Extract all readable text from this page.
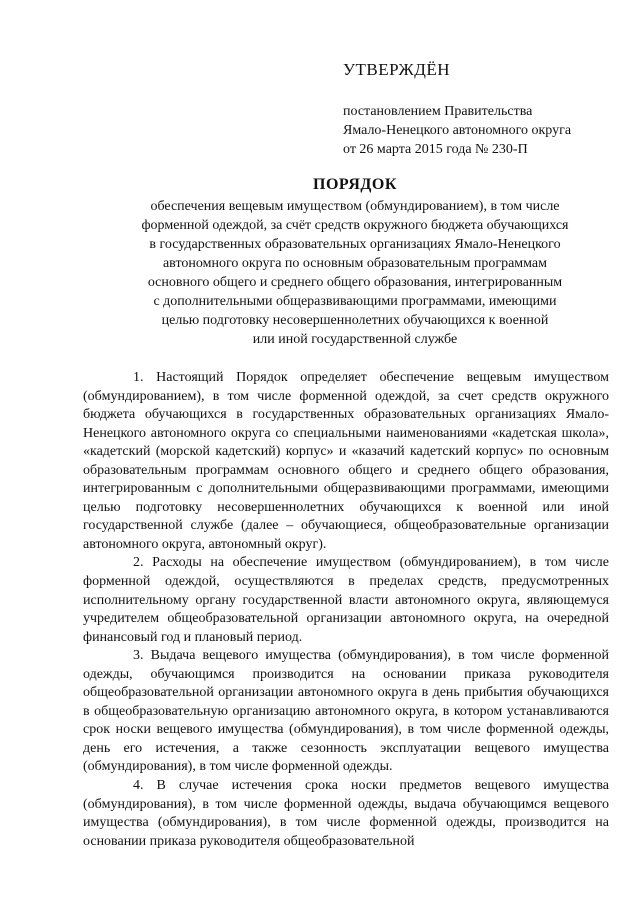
УТВЕРЖДЁН
постановлением Правительства
Ямало-Ненецкого автономного округа
от 26 марта 2015 года № 230-П
ПОРЯДОК
обеспечения вещевым имуществом (обмундированием), в том числе
форменной одеждой, за счёт средств окружного бюджета обучающихся
в государственных образовательных организациях Ямало-Ненецкого
автономного округа по основным образовательным программам
основного общего и среднего общего образования, интегрированным
с дополнительными общеразвивающими программами, имеющими
целью подготовку несовершеннолетних обучающихся к военной
или иной государственной службе

1. Настоящий Порядок определяет обеспечение вещевым имуществом (обмундированием), в том числе форменной одеждой, за счет средств окружного бюджета обучающихся в государственных образовательных организациях Ямало-Ненецкого автономного округа со специальными наименованиями «кадетская школа», «кадетский (морской кадетский) корпус» и «казачий кадетский корпус» по основным образовательным программам основного общего и среднего общего образования, интегрированным с дополнительными общеразвивающими программами, имеющими целью подготовку несовершеннолетних обучающихся к военной или иной государственной службе (далее – обучающиеся, общеобразовательные организации автономного округа, автономный округ).

2. Расходы на обеспечение имуществом (обмундированием), в том числе форменной одеждой, осуществляются в пределах средств, предусмотренных исполнительному органу государственной власти автономного округа, являющемуся учредителем общеобразовательной организации автономного округа, на очередной финансовый год и плановый период.

3. Выдача вещевого имущества (обмундирования), в том числе форменной одежды, обучающимся производится на основании приказа руководителя общеобразовательной организации автономного округа в день прибытия обучающихся в общеобразовательную организацию автономного округа, в котором устанавливаются срок носки вещевого имущества (обмундирования), в том числе форменной одежды, день его истечения, а также сезонность эксплуатации вещевого имущества (обмундирования), в том числе форменной одежды.

4. В случае истечения срока носки предметов вещевого имущества (обмундирования), в том числе форменной одежды, выдача обучающимся вещевого имущества (обмундирования), в том числе форменной одежды, производится на основании приказа руководителя общеобразовательной
